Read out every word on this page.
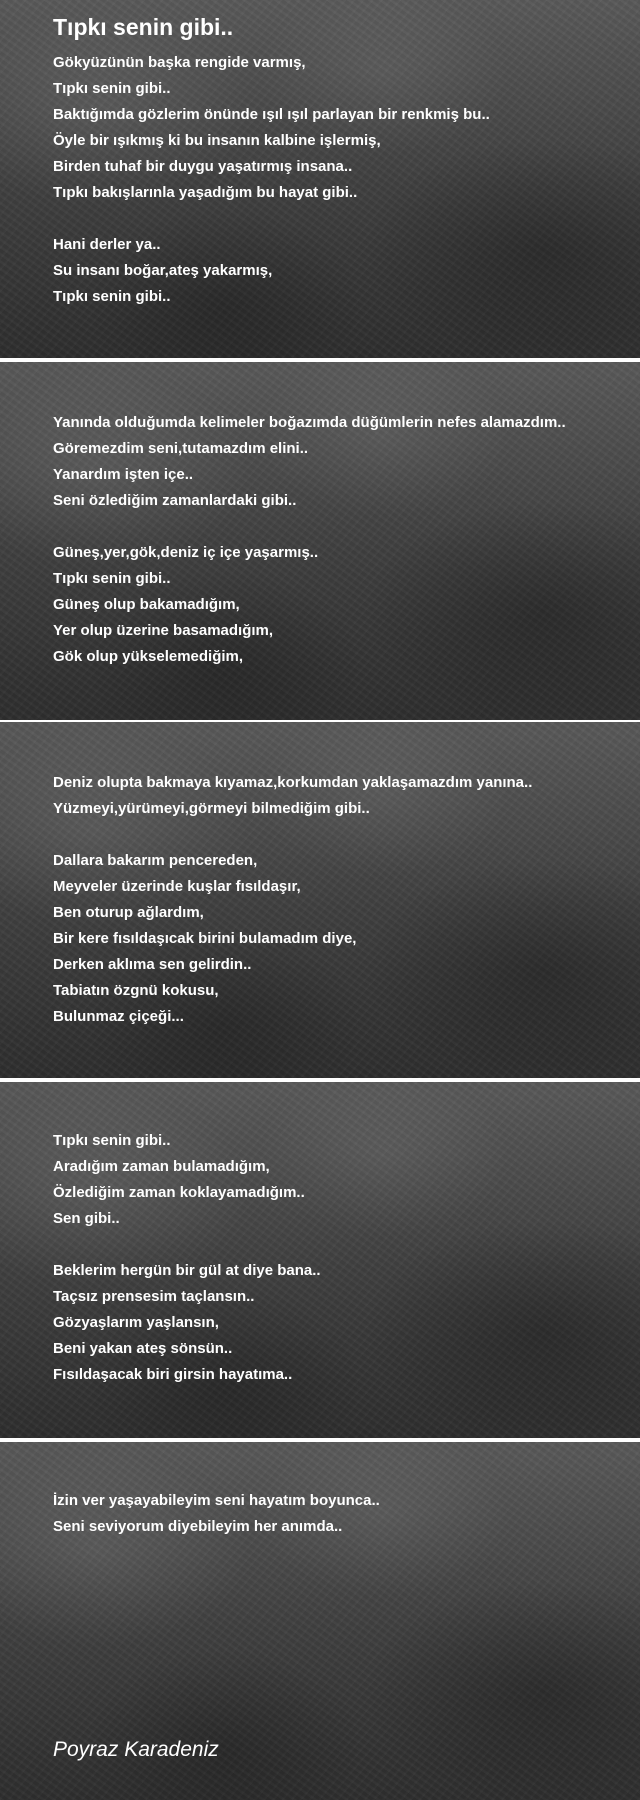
Tıpkı senin gibi..
Gökyüzünün başka rengide varmış,
Tıpkı senin gibi..
Baktığımda gözlerim önünde ışıl ışıl parlayan bir renkmiş bu..
Öyle bir ışıkmış ki bu insanın kalbine işlermiş,
Birden tuhaf bir duygu yaşatırmış insana..
Tıpkı bakışlarınla yaşadığım bu hayat gibi..
Hani derler ya..
Su insanı boğar,ateş yakarmış,
Tıpkı senin gibi..
Yanında olduğumda kelimeler boğazımda düğümlerin nefes alamazdım..
Göremezdim seni,tutamazdım elini..
Yanardım işten içe..
Seni özlediğim zamanlardaki gibi..
Güneş,yer,gök,deniz iç içe yaşarmış..
Tıpkı senin gibi..
Güneş olup bakamadığım,
Yer olup üzerine basamadığım,
Gök olup yükselemediğim,
Deniz olupta bakmaya kıyamaz,korkumdan yaklaşamazdım yanına..
Yüzmeyi,yürümeyi,görmeyi bilmediğim gibi..
Dallara bakarım pencereden,
Meyveler üzerinde kuşlar fısıldaşır,
Ben oturup ağlardım,
Bir kere fısıldaşıcak birini bulamadım diye,
Derken aklıma sen gelirdin..
Tabiatın özgnü kokusu,
Bulunmaz çiçeği...
Tıpkı senin gibi..
Aradığım zaman bulamadığım,
Özlediğim zaman koklayamadığım..
Sen gibi..
Beklerim hergün bir gül at diye bana..
Taçsız prensesim taçlansın..
Gözyaşlarım yaşlansın,
Beni yakan ateş sönsün..
Fısıldaşacak biri girsin hayatıma..
İzin ver yaşayabileyim seni hayatım boyunca..
Seni seviyorum diyebileyim her anımda..
Poyraz Karadeniz
